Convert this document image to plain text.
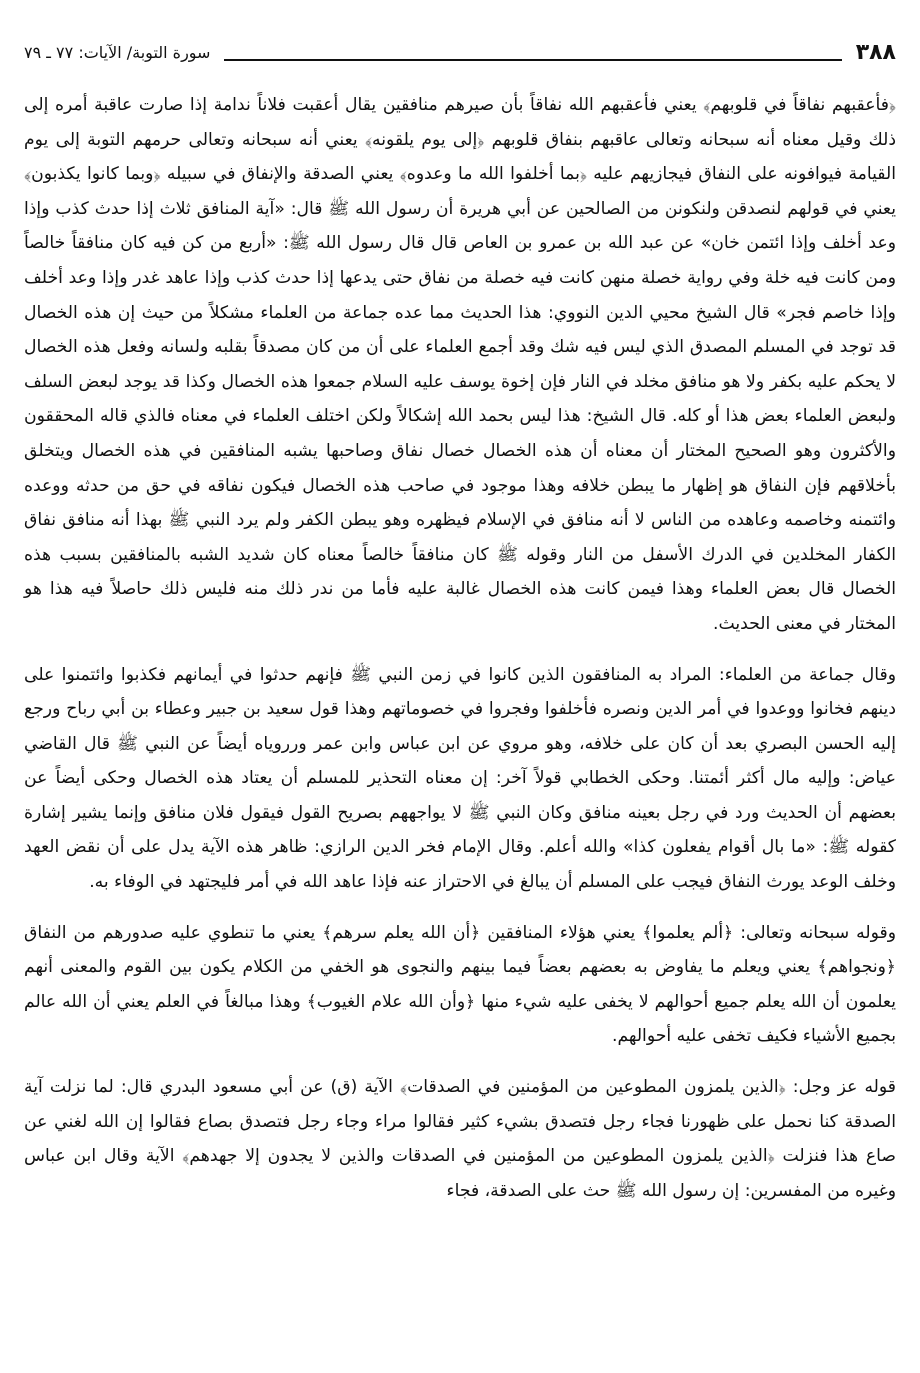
٣٨٨
سورة التوبة/ الآيات: ٧٧ ـ ٧٩

﴿فأعقبهم نفاقاً في قلوبهم﴾ يعني فأعقبهم الله نفاقاً بأن صيرهم منافقين يقال أعقبت فلاناً ندامة إذا صارت عاقبة أمره إلى ذلك وقيل معناه أنه سبحانه وتعالى عاقبهم بنفاق قلوبهم ﴿إلى يوم يلقونه﴾ يعني أنه سبحانه وتعالى حرمهم التوبة إلى يوم القيامة فيوافونه على النفاق فيجازيهم عليه ﴿بما أخلفوا الله ما وعدوه﴾ يعني الصدقة والإنفاق في سبيله ﴿وبما كانوا يكذبون﴾ يعني في قولهم لنصدقن ولنكونن من الصالحين عن أبي هريرة أن رسول الله ﷺ قال: «آية المنافق ثلاث إذا حدث كذب وإذا وعد أخلف وإذا ائتمن خان» عن عبد الله بن عمرو بن العاص قال قال رسول الله ﷺ: «أربع من كن فيه كان منافقاً خالصاً ومن كانت فيه خلة وفي رواية خصلة منهن كانت فيه خصلة من نفاق حتى يدعها إذا حدث كذب وإذا عاهد غدر وإذا وعد أخلف وإذا خاصم فجر» قال الشيخ محيي الدين النووي: هذا الحديث مما عده جماعة من العلماء مشكلاً من حيث إن هذه الخصال قد توجد في المسلم المصدق الذي ليس فيه شك وقد أجمع العلماء على أن من كان مصدقاً بقلبه ولسانه وفعل هذه الخصال لا يحكم عليه بكفر ولا هو منافق مخلد في النار فإن إخوة يوسف عليه السلام جمعوا هذه الخصال وكذا قد يوجد لبعض السلف ولبعض العلماء بعض هذا أو كله. قال الشيخ: هذا ليس بحمد الله إشكالاً ولكن اختلف العلماء في معناه فالذي قاله المحققون والأكثرون وهو الصحيح المختار أن معناه أن هذه الخصال خصال نفاق وصاحبها يشبه المنافقين في هذه الخصال ويتخلق بأخلاقهم فإن النفاق هو إظهار ما يبطن خلافه وهذا موجود في صاحب هذه الخصال فيكون نفاقه في حق من حدثه ووعده وائتمنه وخاصمه وعاهده من الناس لا أنه منافق في الإسلام فيظهره وهو يبطن الكفر ولم يرد النبي ﷺ بهذا أنه منافق نفاق الكفار المخلدين في الدرك الأسفل من النار وقوله ﷺ كان منافقاً خالصاً معناه كان شديد الشبه بالمنافقين بسبب هذه الخصال قال بعض العلماء وهذا فيمن كانت هذه الخصال غالبة عليه فأما من ندر ذلك منه فليس ذلك حاصلاً فيه هذا هو المختار في معنى الحديث.

وقال جماعة من العلماء: المراد به المنافقون الذين كانوا في زمن النبي ﷺ فإنهم حدثوا في أيمانهم فكذبوا وائتمنوا على دينهم فخانوا ووعدوا في أمر الدين ونصره فأخلفوا وفجروا في خصوماتهم وهذا قول سعيد بن جبير وعطاء بن أبي رباح ورجع إليه الحسن البصري بعد أن كان على خلافه، وهو مروي عن ابن عباس وابن عمر ورروياه أيضاً عن النبي ﷺ قال القاضي عياض: وإليه مال أكثر أئمتنا. وحكى الخطابي قولاً آخر: إن معناه التحذير للمسلم أن يعتاد هذه الخصال وحكى أيضاً عن بعضهم أن الحديث ورد في رجل بعينه منافق وكان النبي ﷺ لا يواجههم بصريح القول فيقول فلان منافق وإنما يشير إشارة كقوله ﷺ: «ما بال أقوام يفعلون كذا» والله أعلم. وقال الإمام فخر الدين الرازي: ظاهر هذه الآية يدل على أن نقض العهد وخلف الوعد يورث النفاق فيجب على المسلم أن يبالغ في الاحتراز عنه فإذا عاهد الله في أمر فليجتهد في الوفاء به.

وقوله سبحانه وتعالى: ﴿ألم يعلموا﴾ يعني هؤلاء المنافقين ﴿أن الله يعلم سرهم﴾ يعني ما تنطوي عليه صدورهم من النفاق ﴿ونجواهم﴾ يعني ويعلم ما يفاوض به بعضهم بعضاً فيما بينهم والنجوى هو الخفي من الكلام يكون بين القوم والمعنى أنهم يعلمون أن الله يعلم جميع أحوالهم لا يخفى عليه شيء منها ﴿وأن الله علام الغيوب﴾ وهذا مبالغاً في العلم يعني أن الله عالم بجميع الأشياء فكيف تخفى عليه أحوالهم.

قوله عز وجل: ﴿الذين يلمزون المطوعين من المؤمنين في الصدقات﴾ الآية (ق) عن أبي مسعود البدري قال: لما نزلت آية الصدقة كنا نحمل على ظهورنا فجاء رجل فتصدق بشيء كثير فقالوا مراء وجاء رجل فتصدق بصاع فقالوا إن الله لغني عن صاع هذا فنزلت ﴿الذين يلمزون المطوعين من المؤمنين في الصدقات والذين لا يجدون إلا جهدهم﴾ الآية وقال ابن عباس وغيره من المفسرين: إن رسول الله ﷺ حث على الصدقة، فجاء
